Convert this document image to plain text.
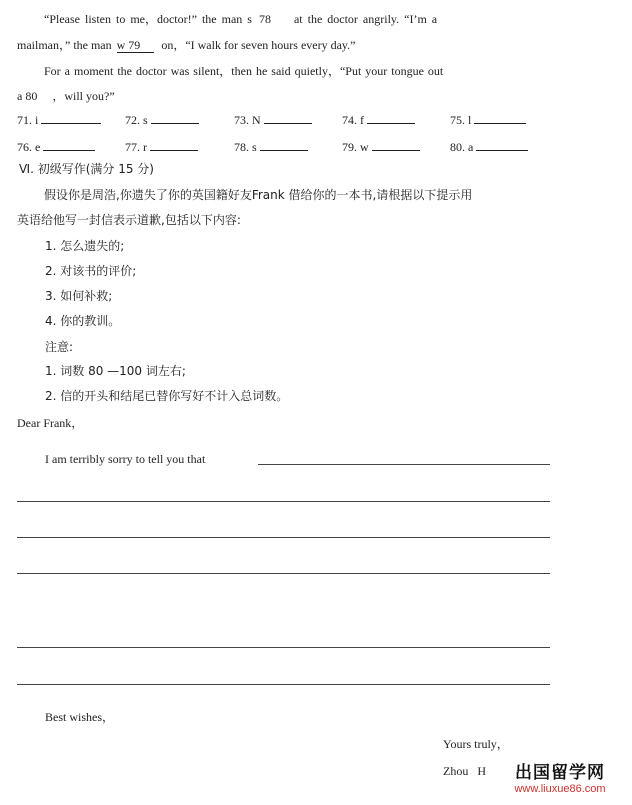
“Please listen to me，doctor!” the man s 78 at the doctor angrily. “I’m a
mailman，” the man w 79 on，“I walk for seven hours every day.”
For a moment the doctor was silent，then he said quietly，“Put your tongue out
a 80 ，will you?”
71. i	72. s	73. N	74. f	75. l
76. e	77. r	78. s	79. w	80. a
Ⅵ. 初级写作(满分 15 分)
假设你是周浩,你遗失了你的英国籍好友Frank 借给你的一本书,请根据以下提示用
英语给他写一封信表示道歉,包括以下内容:
1. 怎么遗失的;
2. 对该书的评价;
3. 如何补救;
4. 你的教训。
注意:
1. 词数 80 —100 词左右;
2. 信的开头和结尾已替你写好不计入总词数。
Dear Frank，
I am terribly sorry to tell you that
Best wishes，
Yours truly，
Zhou   H	出国留学网
www.liuxue86.com
